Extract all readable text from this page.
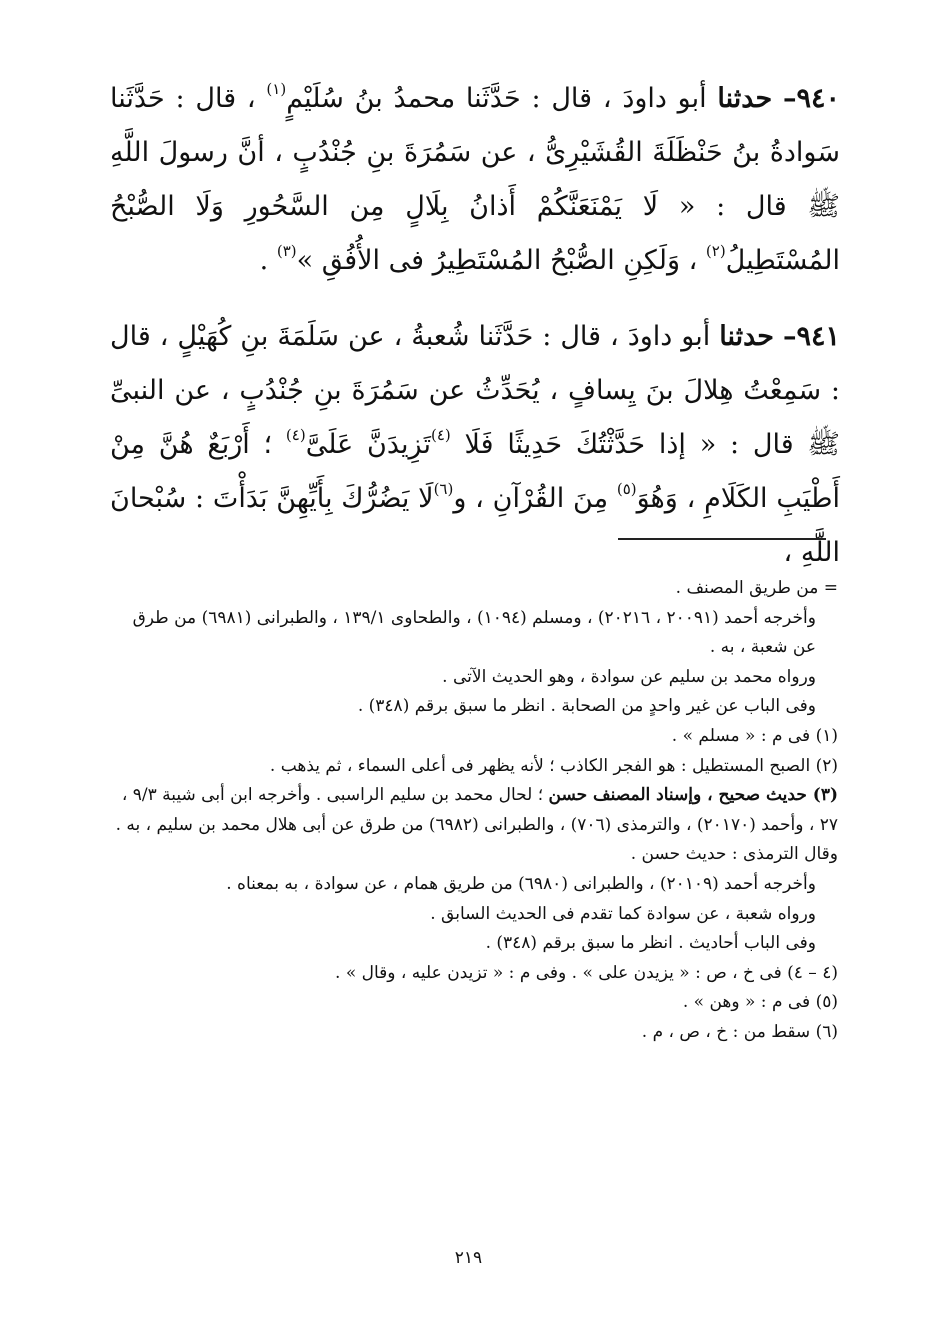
٩٤٠– حدثنا أبو داودَ ، قال : حَدَّثَنا محمدُ بنُ سُلَيْمٍ$^{(١)}$ ، قال : حَدَّثَنا سَوادةُ بنُ حَنْظَلَةَ القُشَيْرِىُّ ، عن سَمُرَةَ بنِ جُنْدُبٍ ، أنَّ رسولَ اللَّهِ ﷺ قال : « لَا يَمْنَعَنَّكُمْ أَذانُ بِلَالٍ مِن السَّحُورِ وَلَا الصُّبْحُ المُسْتَطِيلُ$^{(٢)}$ ، وَلَكِنِ الصُّبْحُ المُسْتَطِيرُ فى الأُفُقِ »$^{(٣)}$ .

٩٤١– حدثنا أبو داودَ ، قال : حَدَّثَنا شُعبةُ ، عن سَلَمَةَ بنِ كُهَيْلٍ ، قال : سَمِعْتُ هِلالَ بنَ يِسافٍ ، يُحَدِّثُ عن سَمُرَةَ بنِ جُنْدُبٍ ، عن النبىِّ ﷺ قال : « إذا حَدَّثْتُكَ حَدِيثًا فَلَا $^{(٤)}$تَزِيدَنَّ عَلَىَّ$^{(٤)}$ ؛ أَرْبَعٌ هُنَّ مِنْ أَطْيَبِ الكَلَامِ ، وَهُوَ$^{(٥)}$ مِنَ القُرْآنِ ، و$^{(٦)}$لَا يَضُرُّكَ بِأَيِّهِنَّ بَدَأْتَ : سُبْحانَ اللَّهِ ،

= من طريق المصنف .

وأخرجه أحمد (٢٠٠٩١ ، ٢٠٢١٦) ، ومسلم (١٠٩٤) ، والطحاوى ١٣٩/١ ، والطبرانى (٦٩٨١) من طرق عن شعبة ، به .

ورواه محمد بن سليم عن سوادة ، وهو الحديث الآتى .

وفى الباب عن غير واحدٍ من الصحابة . انظر ما سبق برقم (٣٤٨) .

(١) فى م : « مسلم » .

(٢) الصبح المستطيل : هو الفجر الكاذب ؛ لأنه يظهر فى أعلى السماء ، ثم يذهب .

(٣) حديث صحيح ، وإسناد المصنف حسن ؛ لحال محمد بن سليم الراسبى . وأخرجه ابن أبى شيبة ٩/٣ ، ٢٧ ، وأحمد (٢٠١٧٠) ، والترمذى (٧٠٦) ، والطبرانى (٦٩٨٢) من طرق عن أبى هلال محمد بن سليم ، به . وقال الترمذى : حديث حسن .

وأخرجه أحمد (٢٠١٠٩) ، والطبرانى (٦٩٨٠) من طريق همام ، عن سوادة ، به بمعناه .

ورواه شعبة ، عن سوادة كما تقدم فى الحديث السابق .

وفى الباب أحاديث . انظر ما سبق برقم (٣٤٨) .

(٤ – ٤) فى خ ، ص : « يزيدن على » . وفى م : « تزيدن عليه ، وقال » .

(٥) فى م : « وهن » .

(٦) سقط من : خ ، ص ، م .

٢١٩
